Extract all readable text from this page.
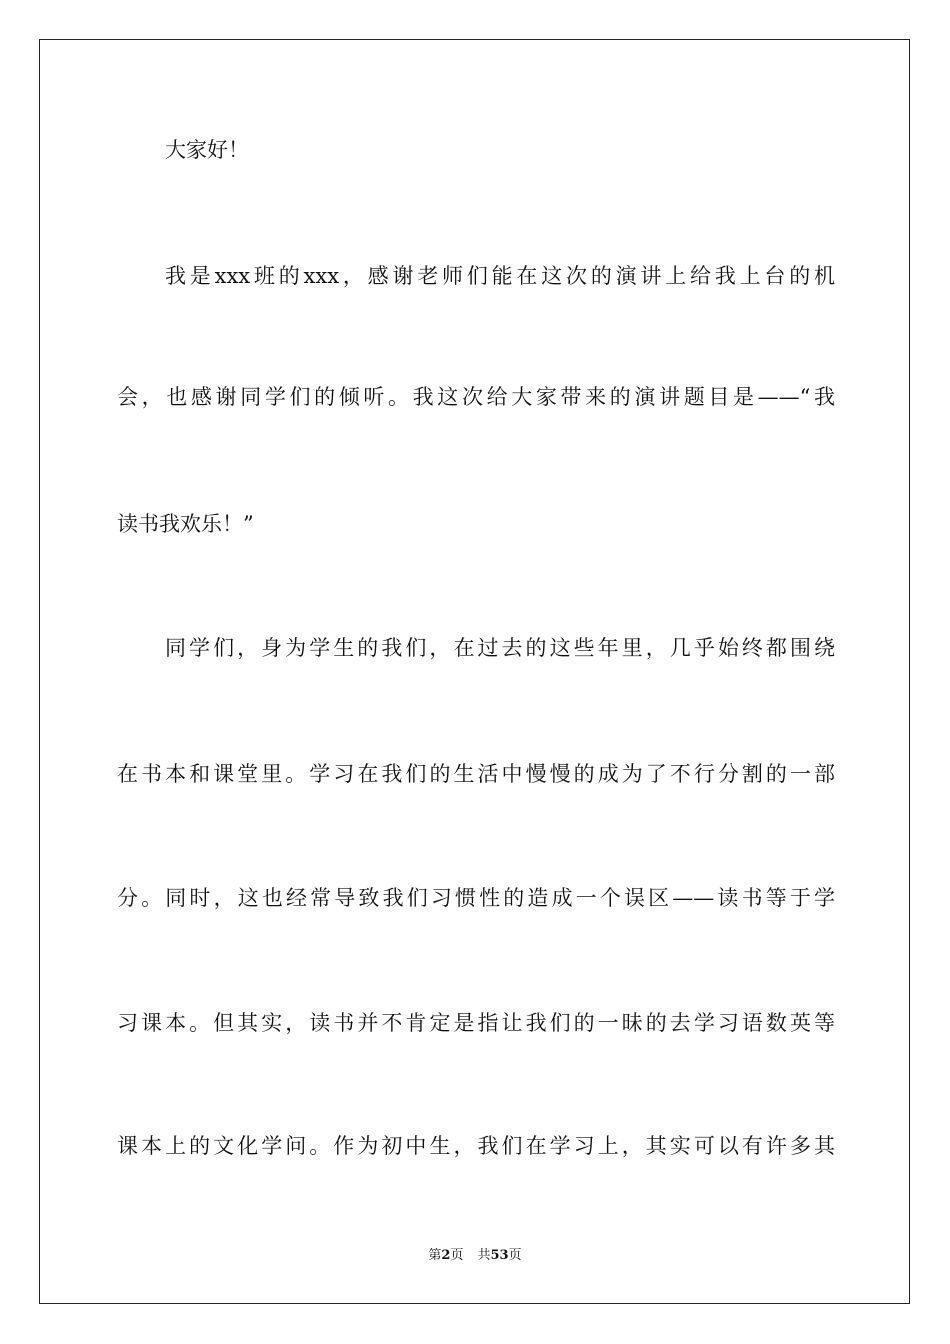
大家好！
我是xxx班的xxx，感谢老师们能在这次的演讲上给我上台的机
会，也感谢同学们的倾听。我这次给大家带来的演讲题目是——“我
读书我欢乐！”
同学们，身为学生的我们，在过去的这些年里，几乎始终都围绕
在书本和课堂里。学习在我们的生活中慢慢的成为了不行分割的一部
分。同时，这也经常导致我们习惯性的造成一个误区——读书等于学
习课本。但其实，读书并不肯定是指让我们的一昧的去学习语数英等
课本上的文化学问。作为初中生，我们在学习上，其实可以有许多其
第2页 共53页
